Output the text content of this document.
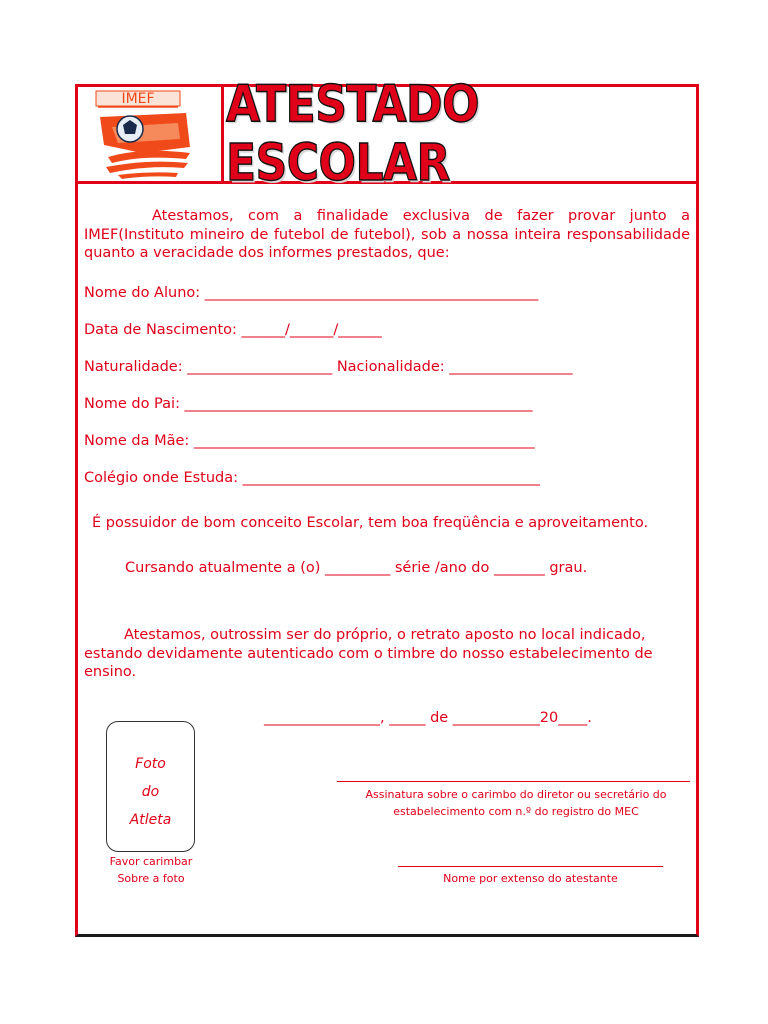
IMEF ATESTADO ESCOLAR
Atestamos, com a finalidade exclusiva de fazer provar junto a IMEF(Instituto mineiro de futebol de futebol), sob a nossa inteira responsabilidade quanto a veracidade dos informes prestados, que:
Nome do Aluno: ______________________________________________
Data de Nascimento: ______/______/______
Naturalidade: ____________________ Nacionalidade: _________________
Nome do Pai: ________________________________________________
Nome da Mãe: _______________________________________________
Colégio onde Estuda: _________________________________________
É possuidor de bom conceito Escolar, tem boa freqüência e aproveitamento.
Cursando atualmente a (o) _________ série /ano do _______ grau.
Atestamos, outrossim ser do próprio, o retrato aposto no local indicado, estando devidamente autenticado com o timbre do nosso estabelecimento de ensino.
________________, _____ de ____________20____.
Foto
do
Atleta
Favor carimbar
Sobre a foto
Assinatura sobre o carimbo do diretor ou secretário do
estabelecimento com n.º do registro do MEC
Nome por extenso do atestante
